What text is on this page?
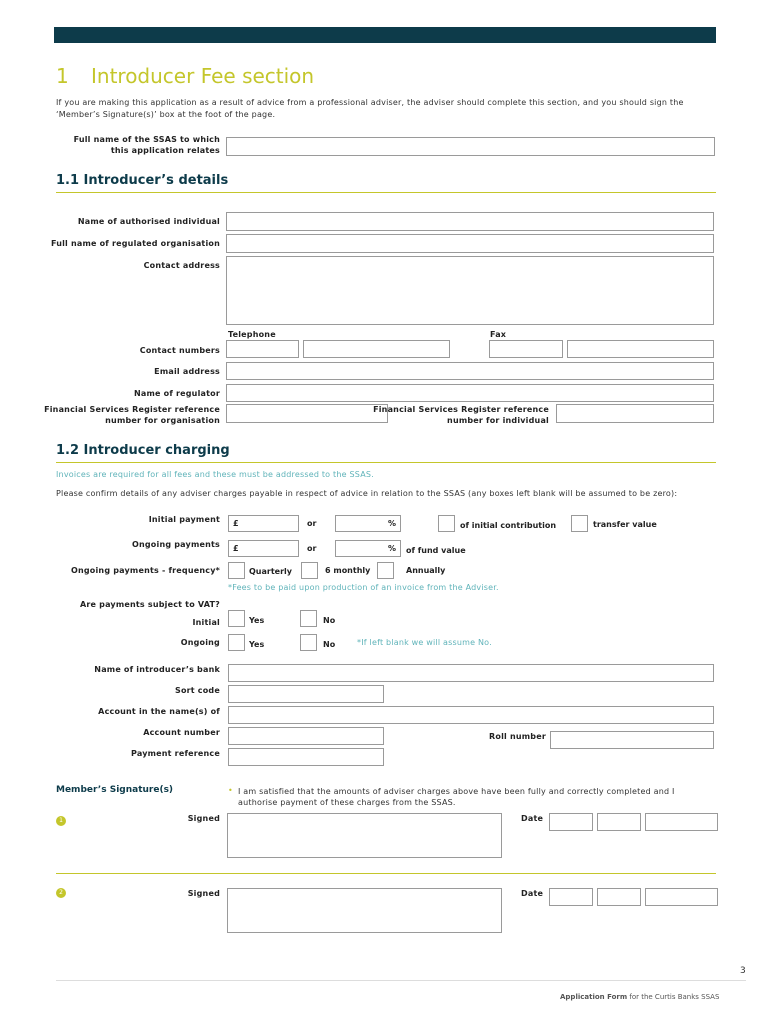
1 Introducer Fee section
If you are making this application as a result of advice from a professional adviser, the adviser should complete this section, and you should sign the ‘Member’s Signature(s)’ box at the foot of the page.
Full name of the SSAS to which
this application relates
1.1 Introducer’s details
Name of authorised individual
Full name of regulated organisation
Contact address
Telephone	Fax
Contact numbers
Email address
Name of regulator
Financial Services Register reference
number for organisation
Financial Services Register reference
number for individual
1.2 Introducer charging
Invoices are required for all fees and these must be addressed to the SSAS.
Please confirm details of any adviser charges payable in respect of advice in relation to the SSAS (any boxes left blank will be assumed to be zero):
Initial payment £	or	%	of initial contribution	transfer value
Ongoing payments £	or	% of fund value
Ongoing payments - frequency*	Quarterly	6 monthly	Annually
*Fees to be paid upon production of an invoice from the Adviser.
Are payments subject to VAT?
Initial	Yes	No
Ongoing	Yes	No	*If left blank we will assume No.
Name of introducer’s bank
Sort code
Account in the name(s) of
Account number	Roll number
Payment reference
Member’s Signature(s)	• I am satisfied that the amounts of adviser charges above have been fully and correctly completed and I authorise payment of these charges from the SSAS.
1	Signed	Date
2	Signed	Date
3
Application Form for the Curtis Banks SSAS
